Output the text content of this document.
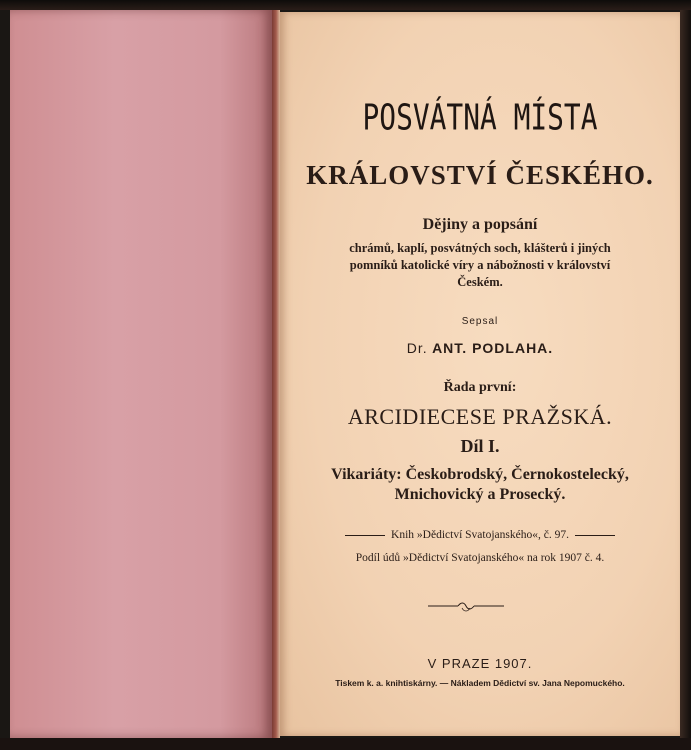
POSVÁTNÁ MÍSTA

KRÁLOVSTVÍ ČESKÉHO.

Dějiny a popsání

chrámů, kaplí, posvátných soch, klášterů i jiných
pomníků katolické víry a nábožnosti v království
Českém.

Sepsal

Dr. ANT. PODLAHA.

Řada první:

ARCIDIECESE PRAŽSKÁ.

Díl I.

Vikariáty: Českobrodský, Černokostelecký,

Mnichovický a Prosecký.

Knih »Dědictví Svatojanského«, č. 97.

Podíl údů »Dědictví Svatojanského« na rok 1907 č. 4.

V PRAZE 1907.

Tiskem k. a. knihtiskárny. — Nákladem Dědictví sv. Jana Nepomuckého.
